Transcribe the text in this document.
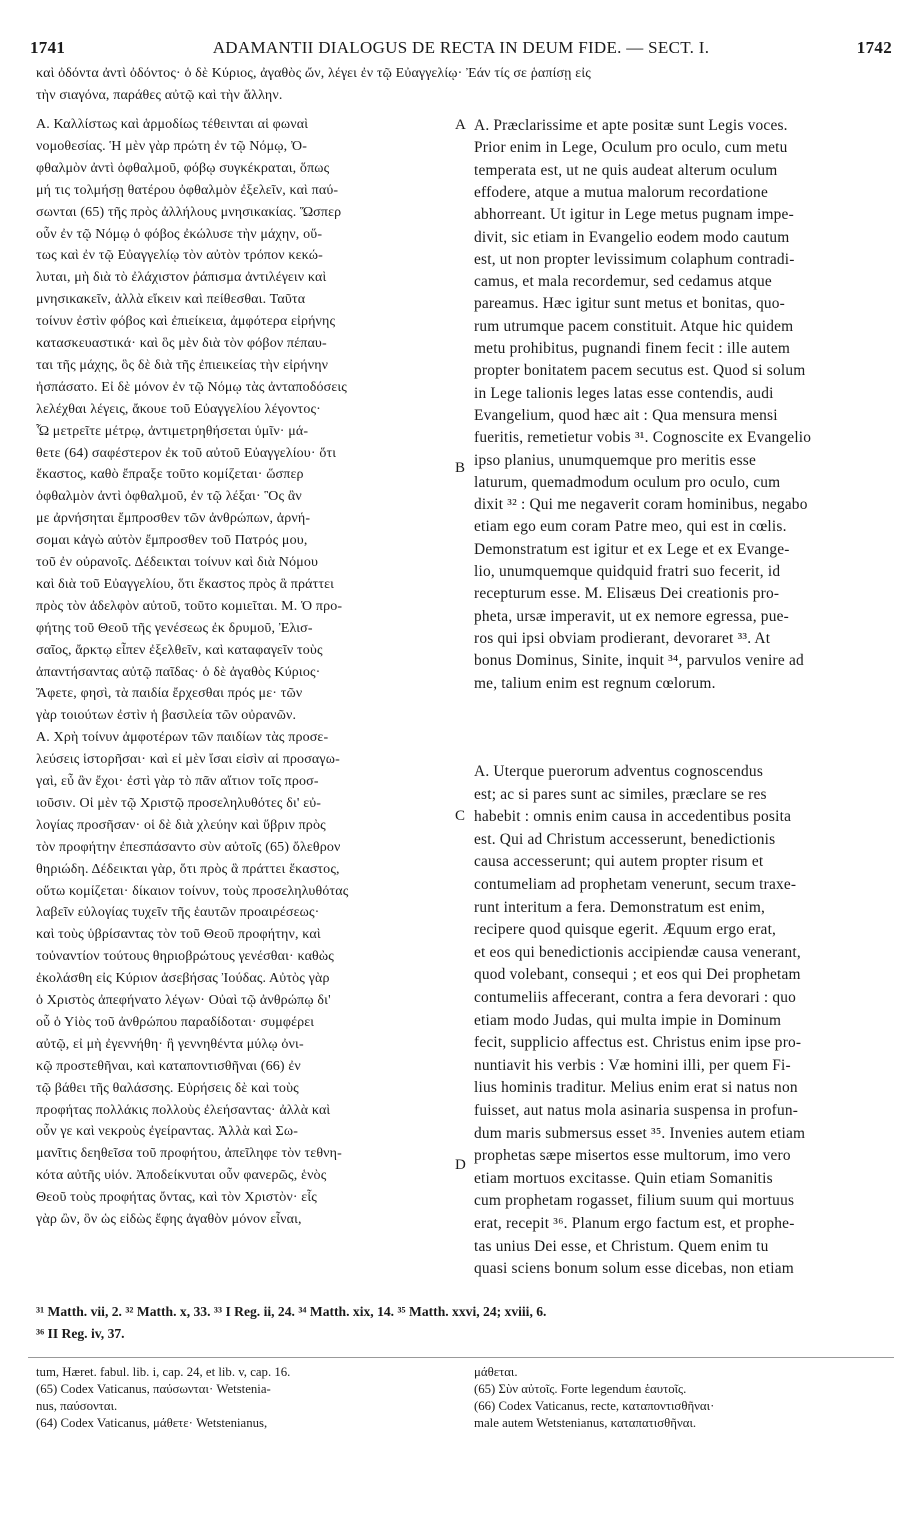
1741	ADAMANTII DIALOGUS DE RECTA IN DEUM FIDE. — SECT. I.	1742
καὶ ὀδόντα ἀντὶ ὀδόντος· ὁ δὲ Κύριος, ἀγαθὸς ὤν, λέγει ἐν τῷ Εὐαγγελίῳ· Ἐάν τίς σε ῥαπίσῃ εἰς
τὴν σιαγόνα, παράθες αὐτῷ καὶ τὴν ἄλλην.
Α. Καλλίστως καὶ ἁρμοδίως τέθεινται αἱ φωναὶ
νομοθεσίας. Ἡ μὲν γὰρ πρώτη ἐν τῷ Νόμῳ, Ὀ-
φθαλμὸν ἀντὶ ὀφθαλμοῦ, φόβῳ συγκέκραται, ὅπως
μή τις τολμήσῃ θατέρου ὀφθαλμὸν ἐξελεῖν, καὶ παύ-
σωνται (65) τῆς πρὸς ἀλλήλους μνησικακίας. Ὥσπερ
οὖν ἐν τῷ Νόμῳ ὁ φόβος ἐκώλυσε τὴν μάχην, οὕ-
τως καὶ ἐν τῷ Εὐαγγελίῳ τὸν αὐτὸν τρόπον κεκώ-
λυται, μὴ διὰ τὸ ἐλάχιστον ῥάπισμα ἀντιλέγειν καὶ
μνησικακεῖν, ἀλλὰ εἴκειν καὶ πείθεσθαι. Ταῦτα
τοίνυν ἐστὶν φόβος καὶ ἐπιείκεια, ἀμφότερα εἰρήνης
κατασκευαστικά· καὶ ὃς μὲν διὰ τὸν φόβον πέπαυ-
ται τῆς μάχης, ὃς δὲ διὰ τῆς ἐπιεικείας τὴν εἰρήνην
ἠσπάσατο. Εἰ δὲ μόνον ἐν τῷ Νόμῳ τὰς ἀνταποδόσεις
λελέχθαι λέγεις, ἄκουε τοῦ Εὐαγγελίου λέγοντος·
Ὧ μετρεῖτε μέτρῳ, ἀντιμετρηθήσεται ὑμῖν· μά-
θετε (64) σαφέστερον ἐκ τοῦ αὐτοῦ Εὐαγγελίου· ὅτι
ἕκαστος, καθὸ ἔπραξε τοῦτο κομίζεται· ὥσπερ
ὀφθαλμὸν ἀντὶ ὀφθαλμοῦ, ἐν τῷ λέξαι· Ὃς ἂν
με ἀρνήσηται ἔμπροσθεν τῶν ἀνθρώπων, ἀρνή-
σομαι κἀγὼ αὐτὸν ἔμπροσθεν τοῦ Πατρός μου,
τοῦ ἐν οὐρανοῖς. Δέδεικται τοίνυν καὶ διὰ Νόμου
καὶ διὰ τοῦ Εὐαγγελίου, ὅτι ἕκαστος πρὸς ἃ πράττει
πρὸς τὸν ἀδελφὸν αὐτοῦ, τοῦτο κομιεῖται. Μ. Ὁ προ-
φήτης τοῦ Θεοῦ τῆς γενέσεως ἐκ δρυμοῦ, Ἐλισ-
σαῖος, ἄρκτῳ εἶπεν ἐξελθεῖν, καὶ καταφαγεῖν τοὺς
ἀπαντήσαντας αὐτῷ παῖδας· ὁ δὲ ἀγαθὸς Κύριος·
Ἄφετε, φησὶ, τὰ παιδία ἔρχεσθαι πρός με· τῶν
γὰρ τοιούτων ἐστὶν ἡ βασιλεία τῶν οὐρανῶν.
Α. Χρὴ τοίνυν ἀμφοτέρων τῶν παιδίων τὰς προσε-
λεύσεις ἱστορῆσαι· καὶ εἰ μὲν ἴσαι εἰσὶν αἱ προσαγω-
γαὶ, εὖ ἂν ἔχοι· ἐστὶ γὰρ τὸ πᾶν αἴτιον τοῖς προσ-
ιοῦσιν. Οἱ μὲν τῷ Χριστῷ προσεληλυθότες δι' εὐ-
λογίας προσῆσαν· οἱ δὲ διὰ χλεύην καὶ ὕβριν πρὸς
τὸν προφήτην ἐπεσπάσαντο σὺν αὐτοῖς (65) ὄλεθρον
θηριώδη. Δέδεικται γὰρ, ὅτι πρὸς ἃ πράττει ἕκαστος,
οὕτω κομίζεται· δίκαιον τοίνυν, τοὺς προσεληλυθότας
λαβεῖν εὐλογίας τυχεῖν τῆς ἑαυτῶν προαιρέσεως·
καὶ τοὺς ὑβρίσαντας τὸν τοῦ Θεοῦ προφήτην, καὶ
τοὐναντίον τούτους θηριοβρώτους γενέσθαι· καθὼς
ἐκολάσθη εἰς Κύριον ἀσεβήσας Ἰούδας. Αὐτὸς γὰρ
ὁ Χριστὸς ἀπεφήνατο λέγων· Οὐαὶ τῷ ἀνθρώπῳ δι'
οὗ ὁ Υἱὸς τοῦ ἀνθρώπου παραδίδοται· συμφέρει
αὐτῷ, εἰ μὴ ἐγεννήθη· ἢ γεννηθέντα μύλῳ ὀνι-
κῷ προστεθῆναι, καὶ καταποντισθῆναι (66) ἐν
τῷ βάθει τῆς θαλάσσης. Εὑρήσεις δὲ καὶ τοὺς
προφήτας πολλάκις πολλοὺς ἐλεήσαντας· ἀλλὰ καὶ
οὖν γε καὶ νεκροὺς ἐγείραντας. Ἀλλὰ καὶ Σω-
μανῖτις δεηθεῖσα τοῦ προφήτου, ἀπεῖληφε τὸν τεθνη-
κότα αὐτῆς υἱόν. Ἀποδείκνυται οὖν φανερῶς, ἑνὸς
Θεοῦ τοὺς προφήτας ὄντας, καὶ τὸν Χριστὸν· εἷς
γὰρ ὢν, ὃν ὡς εἰδὼς ἔφης ἀγαθὸν μόνον εἶναι,
A. Præclarissime et apte positæ sunt Legis voces.
Prior enim in Lege, Oculum pro oculo, cum metu
temperata est, ut ne quis audeat alterum oculum
effodere, atque a mutua malorum recordatione
abhorreant. Ut igitur in Lege metus pugnam impe-
divit, sic etiam in Evangelio eodem modo cautum
est, ut non propter levissimum colaphum contradi-
camus, et mala recordemur, sed cedamus atque
pareamus. Hæc igitur sunt metus et bonitas, quo-
rum utrumque pacem constituit. Atque hic quidem
metu prohibitus, pugnandi finem fecit : ille autem
propter bonitatem pacem secutus est. Quod si solum
in Lege talionis leges latas esse contendis, audi
Evangelium, quod hæc ait : Qua mensura mensi
fueritis, remetietur vobis ³¹. Cognoscite ex Evangelio
ipso planius, unumquemque pro meritis esse
laturum, quemadmodum oculum pro oculo, cum
dixit ³² : Qui me negaverit coram hominibus, negabo
etiam ego eum coram Patre meo, qui est in cœlis.
Demonstratum est igitur et ex Lege et ex Evange-
lio, unumquemque quidquid fratri suo fecerit, id
recepturum esse. M. Elisæus Dei creationis pro-
pheta, ursæ imperavit, ut ex nemore egressa, pue-
ros qui ipsi obviam prodierant, devoraret ³³. At
bonus Dominus, Sinite, inquit ³⁴, parvulos venire ad
me, talium enim est regnum cœlorum.
A. Uterque puerorum adventus cognoscendus
est; ac si pares sunt ac similes, præclare se res
habebit : omnis enim causa in accedentibus posita
est. Qui ad Christum accesserunt, benedictionis
causa accesserunt; qui autem propter risum et
contumeliam ad prophetam venerunt, secum traxe-
runt interitum a fera. Demonstratum est enim,
recipere quod quisque egerit. Æquum ergo erat,
et eos qui benedictionis accipiendæ causa venerant,
quod volebant, consequi ; et eos qui Dei prophetam
contumeliis affecerant, contra a fera devorari : quo
etiam modo Judas, qui multa impie in Dominum
fecit, supplicio affectus est. Christus enim ipse pro-
nuntiavit his verbis : Væ homini illi, per quem Fi-
lius hominis traditur. Melius enim erat si natus non
fuisset, aut natus mola asinaria suspensa in profun-
dum maris submersus esset ³⁵. Invenies autem etiam
prophetas sæpe misertos esse multorum, imo vero
etiam mortuos excitasse. Quin etiam Somanitis
cum prophetam rogasset, filium suum qui mortuus
erat, recepit ³⁶. Planum ergo factum est, et prophe-
tas unius Dei esse, et Christum. Quem enim tu
quasi sciens bonum solum esse dicebas, non etiam
A
B
C
D
³¹ Matth. vii, 2. ³² Matth. x, 33. ³³ I Reg. ii, 24. ³⁴ Matth. xix, 14. ³⁵ Matth. xxvi, 24; xviii, 6.
³⁶ II Reg. iv, 37.
tum, Hæret. fabul. lib. i, cap. 24, et lib. v, cap. 16.
(65) Codex Vaticanus, παύσωνται· Wetstenia-
nus, παύσονται.
(64) Codex Vaticanus, μάθετε· Wetstenianus,
μάθεται.
(65) Σὺν αὐτοῖς. Forte legendum ἑαυτοῖς.
(66) Codex Vaticanus, recte, καταποντισθῆναι·
male autem Wetstenianus, καταπατισθῆναι.
